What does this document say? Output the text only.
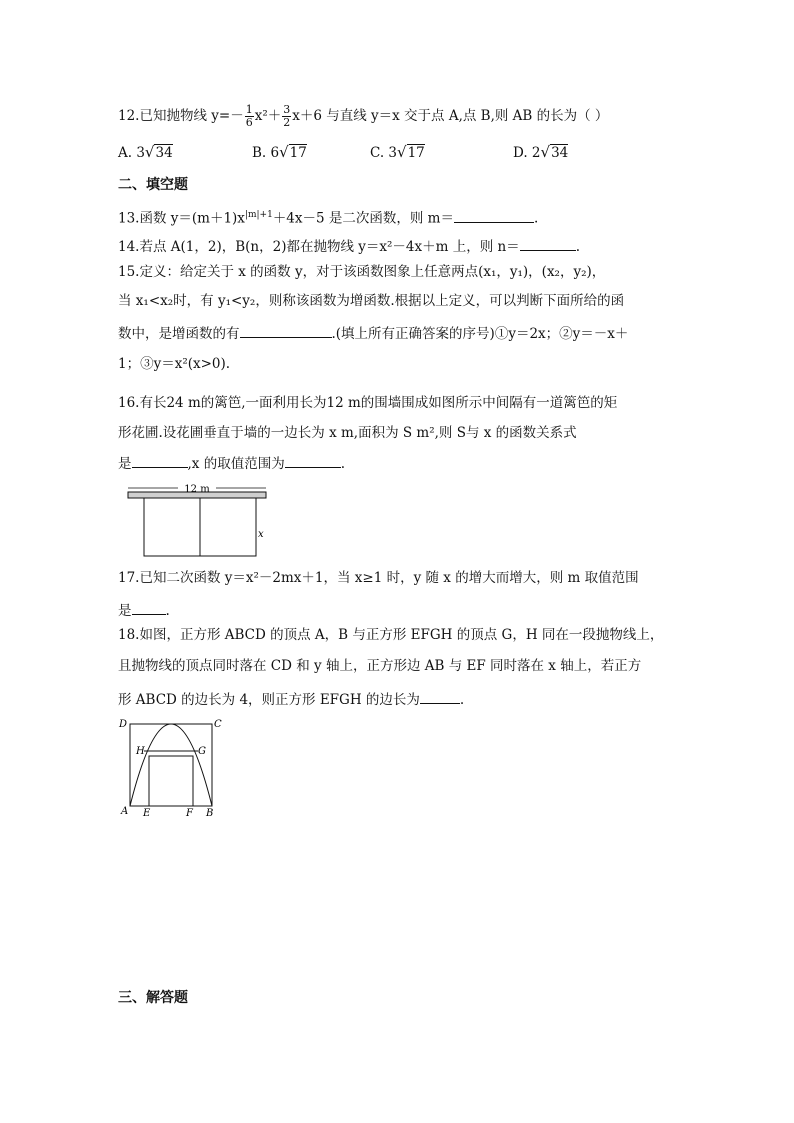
12.已知抛物线 $y=- \frac{1}{6} x^2+ \frac{3}{2} x+6$ 与直线 y＝x 交于点 A,点 B,则 AB 的长为（ ）
A. 3√34	B. 6√17	C. 3√17	D. 2√34
二、填空题
13.函数 $y=(m+1)x^{|m|+1}+4x-5$ 是二次函数，则 m＝	.
14.若点 A(1，2)，B(n，2)都在抛物线 y＝x²－4x＋m 上，则 n＝	.
15.定义：给定关于 x 的函数 y，对于该函数图象上任意两点(x₁，y₁)，(x₂，y₂)，
当 x₁<x₂时，有 y₁<y₂，则称该函数为增函数.根据以上定义，可以判断下面所给的函
数中，是增函数的有	.(填上所有正确答案的序号)①y＝2x；②y＝－x＋
1；③y＝x²(x>0).
16.有长24 m的篱笆,一面利用长为12 m的围墙围成如图所示中间隔有一道篱笆的矩
形花圃.设花圃垂直于墙的一边长为 x m,面积为 S m²,则 S与 x 的函数关系式
是	,x 的取值范围为	.
12 m
x
17.已知二次函数 y＝x²－2mx＋1，当 x≥1 时，y 随 x 的增大而增大，则 m 取值范围
是	.
18.如图，正方形 ABCD 的顶点 A，B 与正方形 EFGH 的顶点 G，H 同在一段抛物线上，
且抛物线的顶点同时落在 CD 和 y 轴上，正方形边 AB 与 EF 同时落在 x 轴上，若正方
形 ABCD 的边长为 4，则正方形 EFGH 的边长为	.
D	C
H	G
A E	F B
三、解答题
